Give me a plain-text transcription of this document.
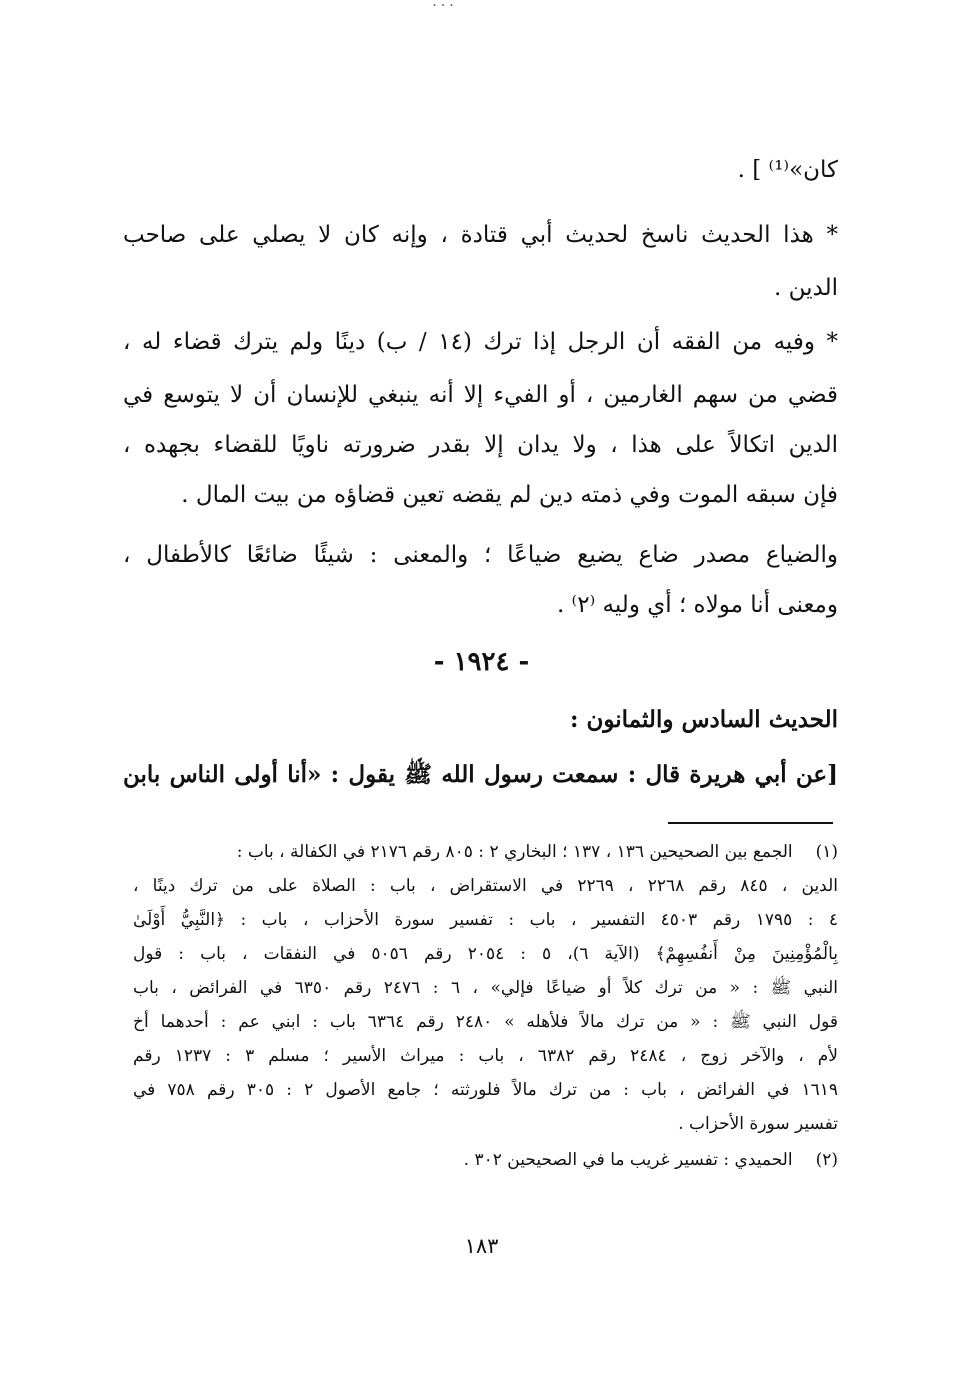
...
كان»⁽¹⁾ ] .
* هذا الحديث ناسخ لحديث أبي قتادة ، وإنه كان لا يصلي على صاحب
الدين .
* وفيه من الفقه أن الرجل إذا ترك (١٤ / ب) دينًا ولم يترك قضاء له ،
قضي من سهم الغارمين ، أو الفيء إلا أنه ينبغي للإنسان أن لا يتوسع في
الدين اتكالاً على هذا ، ولا يدان إلا بقدر ضرورته ناويًا للقضاء بجهده ،
فإن سبقه الموت وفي ذمته دين لم يقضه تعين قضاؤه من بيت المال .
والضياع مصدر ضاع يضيع ضياعًا ؛ والمعنى : شيئًا ضائعًا كالأطفال ،
ومعنى أنا مولاه ؛ أي وليه ⁽٢⁾ .
- ١٩٢٤ -
الحديث السادس والثمانون :
[عن أبي هريرة قال : سمعت رسول الله ﷺ يقول : «أنا أولى الناس بابن
(١) الجمع بين الصحيحين ١٣٦ ، ١٣٧ ؛ البخاري ٢ : ٨٠٥ رقم ٢١٧٦ في الكفالة ، باب :
الدين ، ٨٤٥ رقم ٢٢٦٨ ، ٢٢٦٩ في الاستقراض ، باب : الصلاة على من ترك دينًا ،
٤ : ١٧٩٥ رقم ٤٥٠٣ التفسير ، باب : تفسير سورة الأحزاب ، باب : ﴿النَّبِيُّ أَوْلَىٰ
بِالْمُؤْمِنِينَ مِنْ أَنفُسِهِمْ﴾ (الآية ٦)، ٥ : ٢٠٥٤ رقم ٥٠٥٦ في النفقات ، باب : قول
النبي ﷺ : « من ترك كلاً أو ضياعًا فإلي» ، ٦ : ٢٤٧٦ رقم ٦٣٥٠ في الفرائض ، باب
قول النبي ﷺ : « من ترك مالاً فلأهله » ٢٤٨٠ رقم ٦٣٦٤ باب : ابني عم : أحدهما أخ
لأم ، والآخر زوج ، ٢٤٨٤ رقم ٦٣٨٢ ، باب : ميراث الأسير ؛ مسلم ٣ : ١٢٣٧ رقم
١٦١٩ في الفرائض ، باب : من ترك مالاً فلورثته ؛ جامع الأصول ٢ : ٣٠٥ رقم ٧٥٨ في
تفسير سورة الأحزاب .
(٢) الحميدي : تفسير غريب ما في الصحيحين ٣٠٢ .
١٨٣
